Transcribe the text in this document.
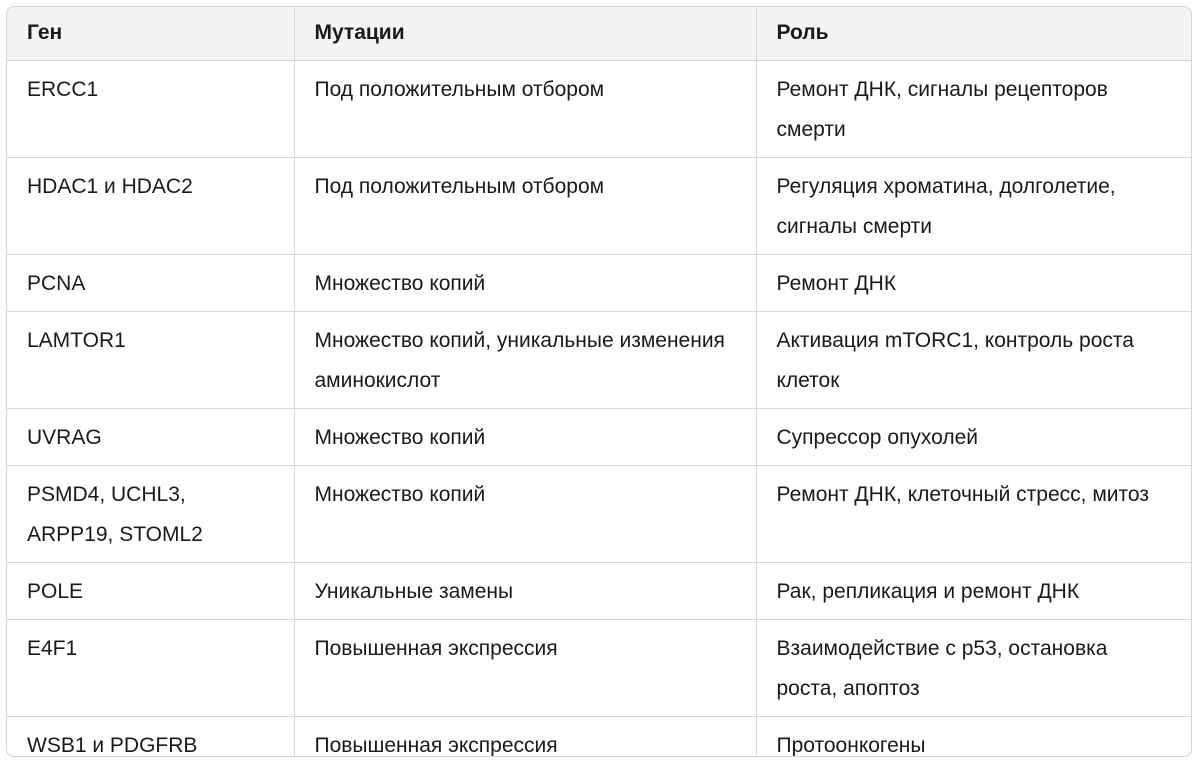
Ген	Мутации	Роль
ERCC1	Под положительным отбором	Ремонт ДНК, сигналы рецепторов смерти
HDAC1 и HDAC2	Под положительным отбором	Регуляция хроматина, долголетие, сигналы смерти
PCNA	Множество копий	Ремонт ДНК
LAMTOR1	Множество копий, уникальные изменения аминокислот	Активация mTORC1, контроль роста клеток
UVRAG	Множество копий	Супрессор опухолей
PSMD4, UCHL3, ARPP19, STOML2	Множество копий	Ремонт ДНК, клеточный стресс, митоз
POLE	Уникальные замены	Рак, репликация и ремонт ДНК
E4F1	Повышенная экспрессия	Взаимодействие с p53, остановка роста, апоптоз
WSB1 и PDGFRB	Повышенная экспрессия	Протоонкогены
